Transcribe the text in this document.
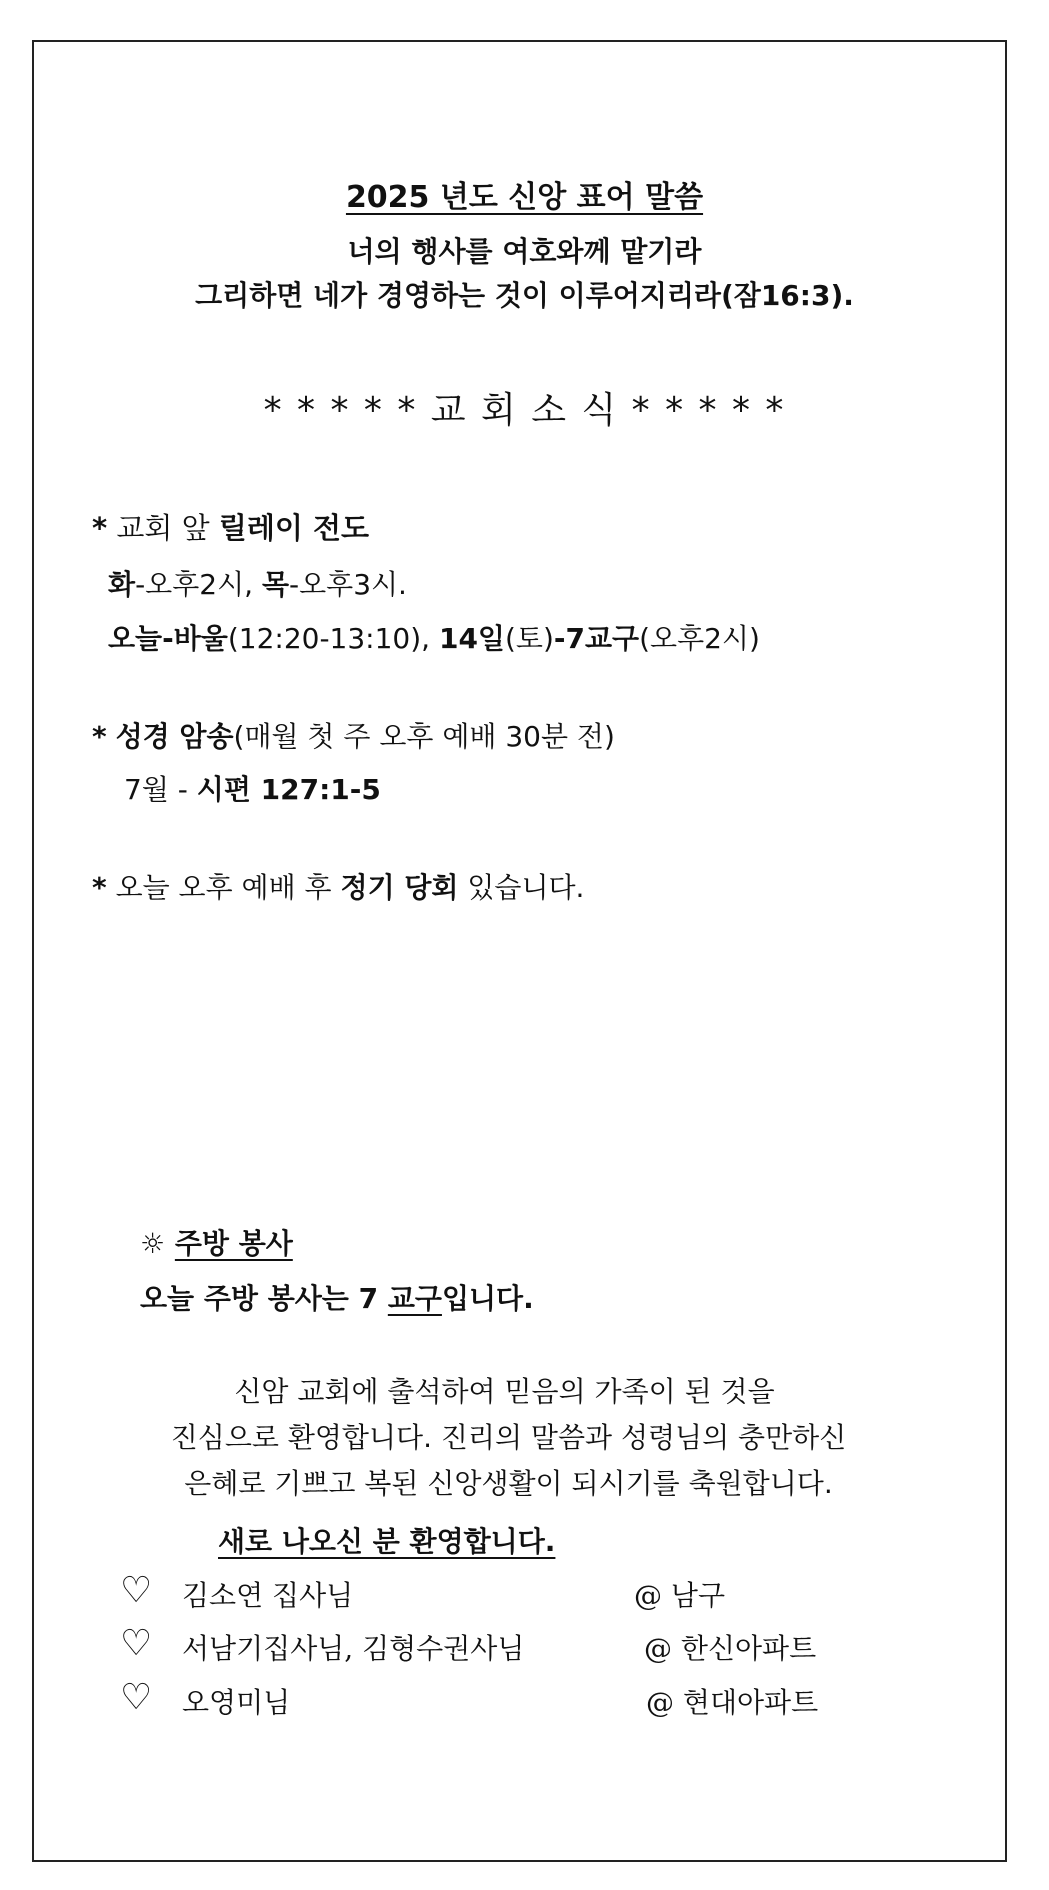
2025 년도 신앙 표어 말씀
너의 행사를 여호와께 맡기라
그리하면 네가 경영하는 것이 이루어지리라(잠16:3).
* * * * * 교 회 소 식 * * * * *
* 교회 앞 릴레이 전도
화-오후2시, 목-오후3시.
오늘-바울(12:20-13:10), 14일(토)-7교구(오후2시)
* 성경 암송(매월 첫 주 오후 예배 30분 전)
7월 - 시편 127:1-5
* 오늘 오후 예배 후 정기 당회 있습니다.
☼ 주방 봉사
오늘 주방 봉사는 7 교구입니다.
신암 교회에 출석하여 믿음의 가족이 된 것을
진심으로 환영합니다. 진리의 말씀과 성령님의 충만하신
은혜로 기쁘고 복된 신앙생활이 되시기를 축원합니다.
새로 나오신 분 환영합니다.
♡ 김소연 집사님	@ 남구
♡ 서남기집사님, 김형수권사님	@ 한신아파트
♡ 오영미님	@ 현대아파트
